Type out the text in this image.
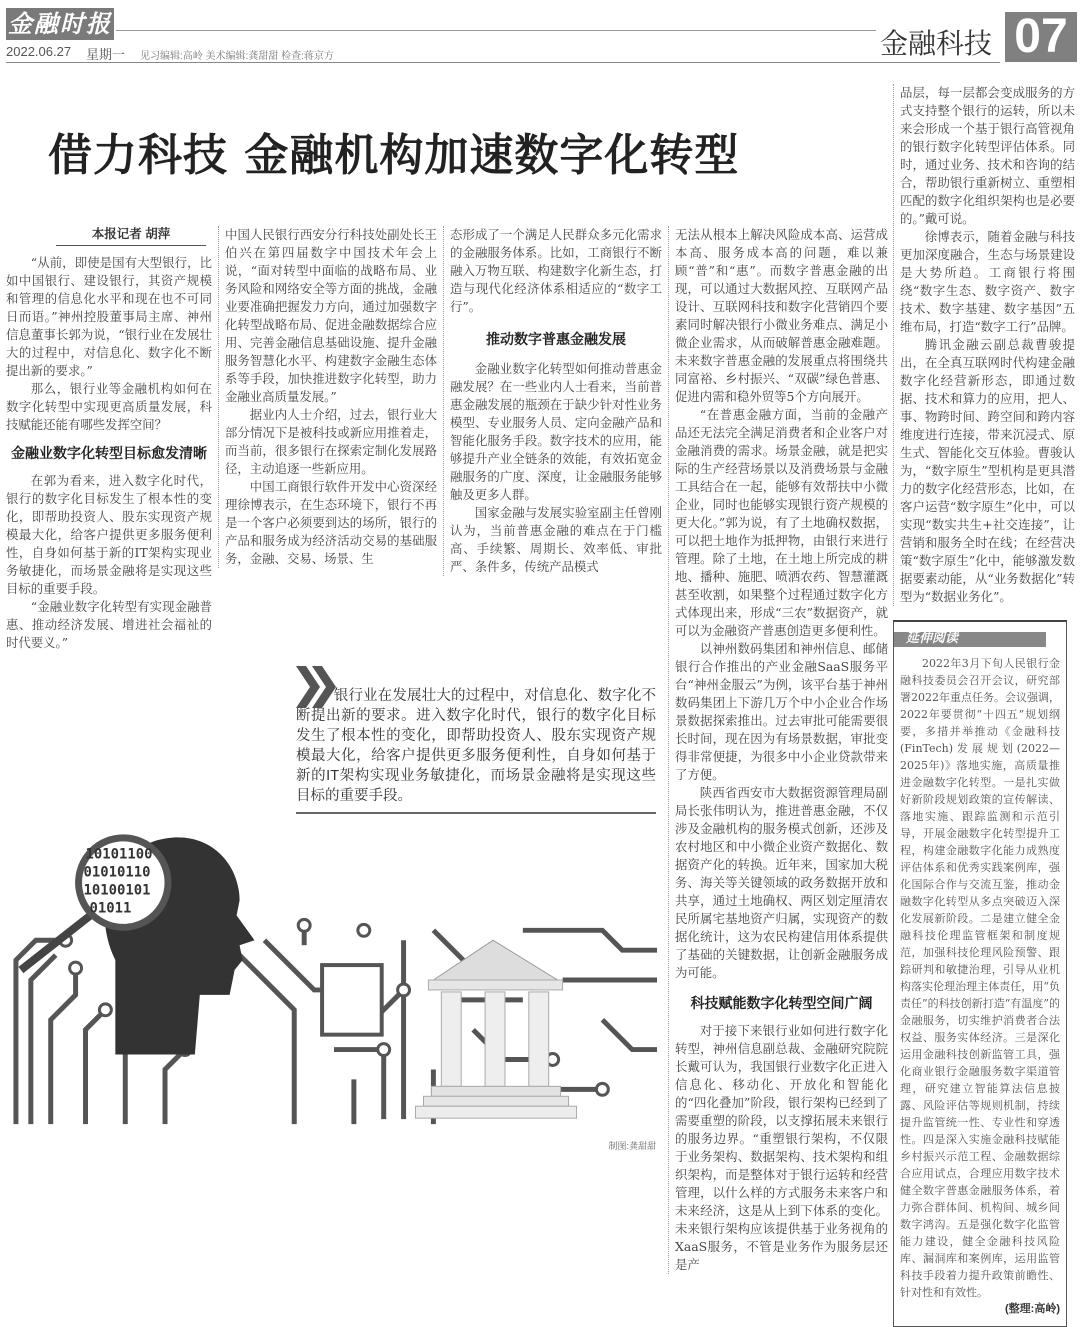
金融时报
2022.06.27 星期一 见习编辑:高岭 美术编辑:龚甜甜 检查:蒋京方	金融科技 07
借力科技 金融机构加速数字化转型
本报记者 胡萍

“从前，即使是国有大型银行，比如中国银行、建设银行，其资产规模和管理的信息化水平和现在也不可同日而语。”神州控股董事局主席、神州信息董事长郭为说，“银行业在发展壮大的过程中，对信息化、数字化不断提出新的要求。”

那么，银行业等金融机构如何在数字化转型中实现更高质量发展，科技赋能还能有哪些发挥空间？

金融业数字化转型目标愈发清晰

在郭为看来，进入数字化时代，银行的数字化目标发生了根本性的变化，即帮助投资人、股东实现资产规模最大化，给客户提供更多服务便利性，自身如何基于新的IT架构实现业务敏捷化，而场景金融将是实现这些目标的重要手段。

“金融业数字化转型有实现金融普惠、推动经济发展、增进社会福祉的时代要义。”

中国人民银行西安分行科技处副处长王伯兴在第四届数字中国技术年会上说，“面对转型中面临的战略布局、业务风险和网络安全等方面的挑战，金融业要准确把握发力方向，通过加强数字化转型战略布局、促进金融数据综合应用、完善金融信息基础设施、提升金融服务智慧化水平、构建数字金融生态体系等手段，加快推进数字化转型，助力金融业高质量发展。”

据业内人士介绍，过去，银行业大部分情况下是被科技或新应用推着走，而当前，很多银行在探索定制化发展路径，主动追逐一些新应用。

中国工商银行软件开发中心资深经理徐博表示，在生态环境下，银行不再是一个客户必须要到达的场所，银行的产品和服务成为经济活动交易的基础服务，金融、交易、场景、生

态形成了一个满足人民群众多元化需求的金融服务体系。比如，工商银行不断融入万物互联、构建数字化新生态，打造与现代化经济体系相适应的“数字工行”。

推动数字普惠金融发展

金融业数字化转型如何推动普惠金融发展？在一些业内人士看来，当前普惠金融发展的瓶颈在于缺少针对性业务模型、专业服务人员、定向金融产品和智能化服务手段。数字技术的应用，能够提升产业全链条的效能，有效拓宽金融服务的广度、深度，让金融服务能够触及更多人群。

国家金融与发展实验室副主任曾刚认为，当前普惠金融的难点在于门槛高、手续繁、周期长、效率低、审批严、条件多，传统产品模式

银行业在发展壮大的过程中，对信息化、数字化不断提出新的要求。进入数字化时代，银行的数字化目标发生了根本性的变化，即帮助投资人、股东实现资产规模最大化，给客户提供更多服务便利性，自身如何基于新的IT架构实现业务敏捷化，而场景金融将是实现这些目标的重要手段。

10101100
01010110
10100101
01011
制图:龚甜甜

无法从根本上解决风险成本高、运营成本高、服务成本高的问题，难以兼顾“普”和“惠”。而数字普惠金融的出现，可以通过大数据风控、互联网产品设计、互联网科技和数字化营销四个要素同时解决银行小微业务难点、满足小微企业需求，从而破解普惠金融难题。未来数字普惠金融的发展重点将围绕共同富裕、乡村振兴、“双碳”绿色普惠、促进内需和稳外贸等5个方向展开。

“在普惠金融方面，当前的金融产品还无法完全满足消费者和企业客户对金融消费的需求。场景金融，就是把实际的生产经营场景以及消费场景与金融工具结合在一起，能够有效帮扶中小微企业，同时也能够实现银行资产规模的更大化。”郭为说，有了土地确权数据，可以把土地作为抵押物，由银行来进行管理。除了土地，在土地上所完成的耕地、播种、施肥、喷洒农药、智慧灌溉甚至收割，如果整个过程通过数字化方式体现出来，形成“三农”数据资产，就可以为金融资产普惠创造更多便利性。

以神州数码集团和神州信息、邮储银行合作推出的产业金融SaaS服务平台“神州金服云”为例，该平台基于神州数码集团上下游几万个中小企业合作场景数据探索推出。过去审批可能需要很长时间，现在因为有场景数据，审批变得非常便捷，为很多中小企业贷款带来了方便。

陕西省西安市大数据资源管理局副局长张伟明认为，推进普惠金融，不仅涉及金融机构的服务模式创新，还涉及农村地区和中小微企业资产数据化、数据资产化的转换。近年来，国家加大税务、海关等关键领域的政务数据开放和共享，通过土地确权、两区划定厘清农民所属宅基地资产归属，实现资产的数据化统计，这为农民构建信用体系提供了基础的关键数据，让创新金融服务成为可能。

科技赋能数字化转型空间广阔

对于接下来银行业如何进行数字化转型，神州信息副总裁、金融研究院院长戴可认为，我国银行业数字化正进入信息化、移动化、开放化和智能化的“四化叠加”阶段，银行架构已经到了需要重塑的阶段，以支撑拓展未来银行的服务边界。“重塑银行架构，不仅限于业务架构、数据架构、技术架构和组织架构，而是整体对于银行运转和经营管理，以什么样的方式服务未来客户和未来经济，这是从上到下体系的变化。未来银行架构应该提供基于业务视角的XaaS服务，不管是业务作为服务层还是产

品层，每一层都会变成服务的方式支持整个银行的运转，所以未来会形成一个基于银行高管视角的银行数字化转型评估体系。同时，通过业务、技术和咨询的结合，帮助银行重新树立、重塑相匹配的数字化组织架构也是必要的。”戴可说。

徐博表示，随着金融与科技更加深度融合，生态与场景建设是大势所趋。工商银行将围绕“数字生态、数字资产、数字技术、数字基建、数字基因”五维布局，打造“数字工行”品牌。

腾讯金融云副总裁曹骏提出，在全真互联网时代构建金融数字化经营新形态，即通过数据、技术和算力的应用，把人、事、物跨时间、跨空间和跨内容维度进行连接，带来沉浸式、原生式、智能化交互体验。曹骏认为，“数字原生”型机构是更具潜力的数字化经营形态，比如，在客户运营“数字原生”化中，可以实现“数实共生+社交连接”，让营销和服务全时在线；在经营决策“数字原生”化中，能够激发数据要素动能，从“业务数据化”转型为“数据业务化”。

延伸阅读

2022年3月下旬人民银行金融科技委员会召开会议，研究部署2022年重点任务。会议强调，2022年要贯彻“十四五”规划纲要，多措并举推动《金融科技(FinTech)发展规划(2022—2025年)》落地实施，高质量推进金融数字化转型。一是扎实做好新阶段规划政策的宣传解读、落地实施、跟踪监测和示范引导，开展金融数字化转型提升工程，构建金融数字化能力成熟度评估体系和优秀实践案例库，强化国际合作与交流互鉴，推动金融数字化转型从多点突破迈入深化发展新阶段。二是建立健全金融科技伦理监管框架和制度规范，加强科技伦理风险预警、跟踪研判和敏捷治理，引导从业机构落实伦理治理主体责任，用“负责任”的科技创新打造“有温度”的金融服务，切实维护消费者合法权益、服务实体经济。三是深化运用金融科技创新监管工具，强化商业银行金融服务数字渠道管理，研究建立智能算法信息披露、风险评估等规则机制，持续提升监管统一性、专业性和穿透性。四是深入实施金融科技赋能乡村振兴示范工程、金融数据综合应用试点，合理应用数字技术健全数字普惠金融服务体系，着力弥合群体间、机构间、城乡间数字鸿沟。五是强化数字化监管能力建设，健全金融科技风险库、漏洞库和案例库，运用监管科技手段着力提升政策前瞻性、针对性和有效性。

(整理:高岭)
